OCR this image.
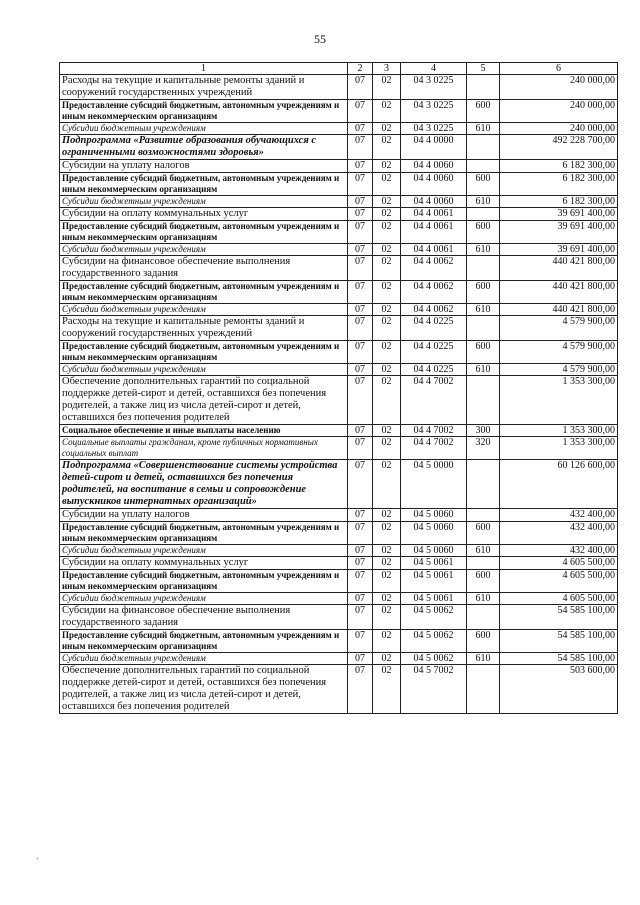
55
1	2	3	4	5	6
Расходы на текущие и капитальные ремонты зданий и сооружений государственных учреждений	07	02	04 3 0225		240 000,00
Предоставление субсидий бюджетным, автономным учреждениям и иным некоммерческим организациям	07	02	04 3 0225	600	240 000,00
Субсидии бюджетным учреждениям	07	02	04 3 0225	610	240 000,00
Подпрограмма «Развитие образования обучающихся с ограниченными возможностями здоровья»	07	02	04 4 0000		492 228 700,00
Субсидии на уплату налогов	07	02	04 4 0060		6 182 300,00
Предоставление субсидий бюджетным, автономным учреждениям и иным некоммерческим организациям	07	02	04 4 0060	600	6 182 300,00
Субсидии бюджетным учреждениям	07	02	04 4 0060	610	6 182 300,00
Субсидии на оплату коммунальных услуг	07	02	04 4 0061		39 691 400,00
Предоставление субсидий бюджетным, автономным учреждениям и иным некоммерческим организациям	07	02	04 4 0061	600	39 691 400,00
Субсидии бюджетным учреждениям	07	02	04 4 0061	610	39 691 400,00
Субсидии на финансовое обеспечение выполнения государственного задания	07	02	04 4 0062		440 421 800,00
Предоставление субсидий бюджетным, автономным учреждениям и иным некоммерческим организациям	07	02	04 4 0062	600	440 421 800,00
Субсидии бюджетным учреждениям	07	02	04 4 0062	610	440 421 800,00
Расходы на текущие и капитальные ремонты зданий и сооружений государственных учреждений	07	02	04 4 0225		4 579 900,00
Предоставление субсидий бюджетным, автономным учреждениям и иным некоммерческим организациям	07	02	04 4 0225	600	4 579 900,00
Субсидии бюджетным учреждениям	07	02	04 4 0225	610	4 579 900,00
Обеспечение дополнительных гарантий по социальной поддержке детей-сирот и детей, оставшихся без попечения родителей, а также лиц из числа детей-сирот и детей, оставшихся без попечения родителей	07	02	04 4 7002		1 353 300,00
Социальное обеспечение и иные выплаты населению	07	02	04 4 7002	300	1 353 300,00
Социальные выплаты гражданам, кроме публичных нормативных социальных выплат	07	02	04 4 7002	320	1 353 300,00
Подпрограмма «Совершенствование системы устройства детей-сирот и детей, оставшихся без попечения родителей, на воспитание в семьи и сопровождение выпускников интернатных организаций»	07	02	04 5 0000		60 126 600,00
Субсидии на уплату налогов	07	02	04 5 0060		432 400,00
Предоставление субсидий бюджетным, автономным учреждениям и иным некоммерческим организациям	07	02	04 5 0060	600	432 400,00
Субсидии бюджетным учреждениям	07	02	04 5 0060	610	432 400,00
Субсидии на оплату коммунальных услуг	07	02	04 5 0061		4 605 500,00
Предоставление субсидий бюджетным, автономным учреждениям и иным некоммерческим организациям	07	02	04 5 0061	600	4 605 500,00
Субсидии бюджетным учреждениям	07	02	04 5 0061	610	4 605 500,00
Субсидии на финансовое обеспечение выполнения государственного задания	07	02	04 5 0062		54 585 100,00
Предоставление субсидий бюджетным, автономным учреждениям и иным некоммерческим организациям	07	02	04 5 0062	600	54 585 100,00
Субсидии бюджетным учреждениям	07	02	04 5 0062	610	54 585 100,00
Обеспечение дополнительных гарантий по социальной поддержке детей-сирот и детей, оставшихся без попечения родителей, а также лиц из числа детей-сирот и детей, оставшихся без попечения родителей	07	02	04 5 7002		503 600,00
